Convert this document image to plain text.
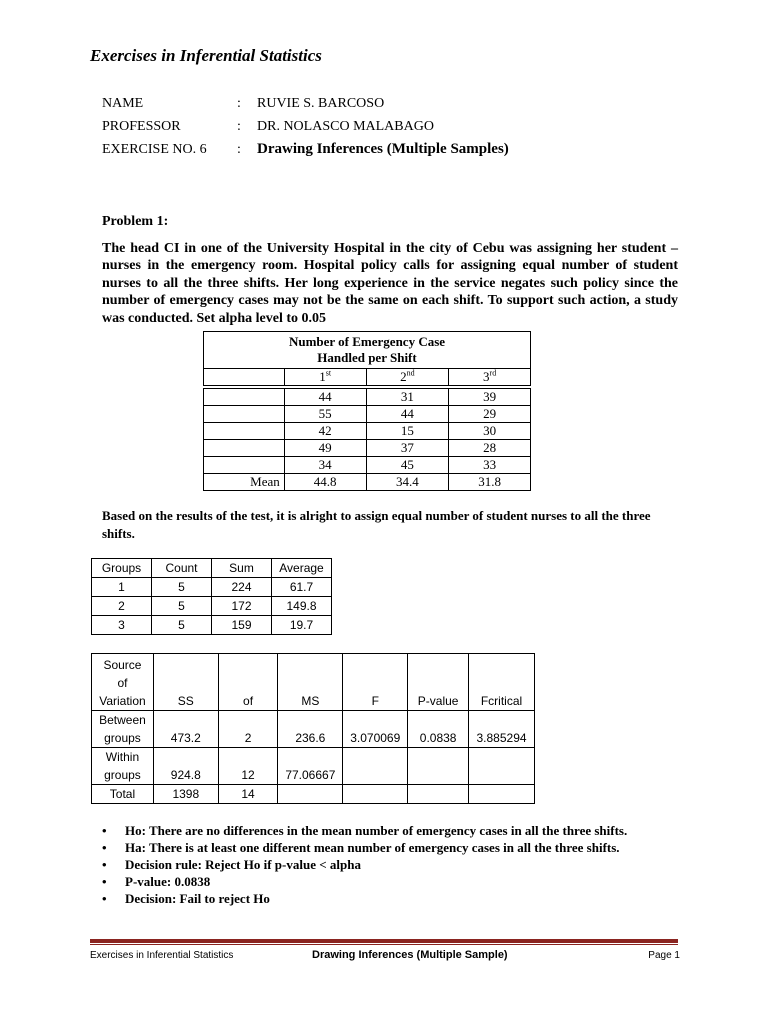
Exercises in Inferential Statistics
NAME	:	RUVIE S. BARCOSO
PROFESSOR	:	DR. NOLASCO MALABAGO
EXERCISE NO. 6	:	Drawing Inferences (Multiple Samples)
Problem 1:
The head CI in one of the University Hospital in the city of Cebu was assigning her student – nurses in the emergency room. Hospital policy calls for assigning equal number of student nurses to all the three shifts. Her long experience in the service negates such policy since the number of emergency cases may not be the same on each shift. To support such action, a study was conducted. Set alpha level to 0.05
Number of Emergency Case
Handled per Shift			

	1st	2nd	3rd
	44	31	39
	55	44	29
	42	15	30
	49	37	28
	34	45	33
Mean	44.8	34.4	31.8
Based on the results of the test, it is alright to assign equal number of student nurses to all the three shifts.
Groups	Count	Sum	Average
1	5	224	61.7
2	5	172	149.8
3	5	159	19.7
Source
of
Variation	SS	of	MS	F	P-value	Fcritical

Between
groups	473.2	2	236.6	3.070069	0.0838	3.885294

Within
groups	924.8	12	77.06667			
Total	1398	14				
• Ho: There are no differences in the mean number of emergency cases in all the three shifts.
• Ha: There is at least one different mean number of emergency cases in all the three shifts.
• Decision rule: Reject Ho if p-value < alpha
• P-value: 0.0838
• Decision: Fail to reject Ho
Exercises in Inferential Statistics	Drawing Inferences (Multiple Sample)	Page 1
